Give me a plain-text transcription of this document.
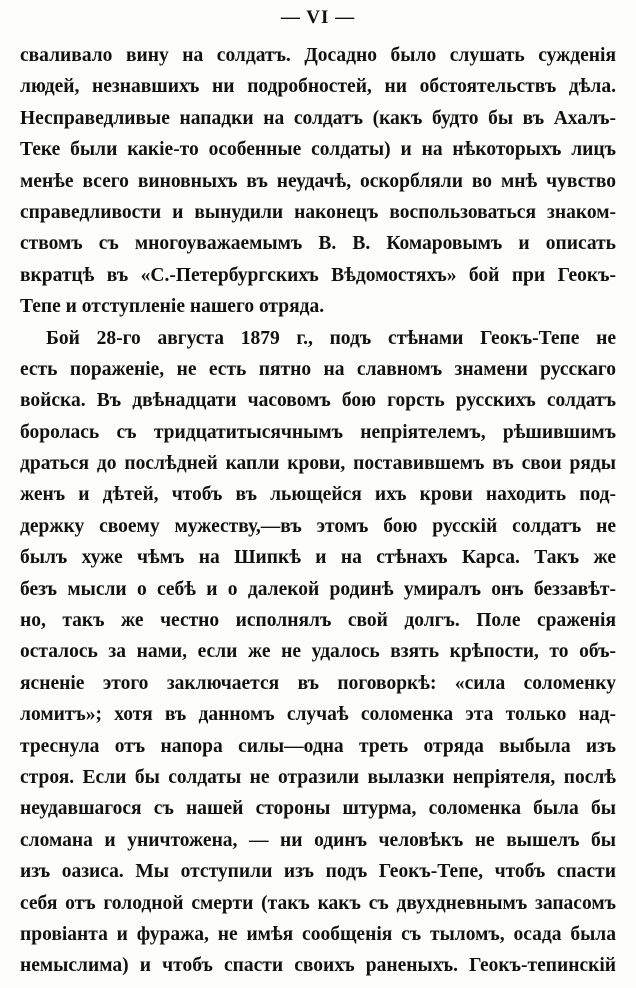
— VI —
сваливало вину на солдатъ. Досадно было слушать сужденія
людей, незнавшихъ ни подробностей, ни обстоятельствъ дѣла.
Несправедливые нападки на солдатъ (какъ будто бы въ Ахалъ-
Теке были какіе-то особенные солдаты) и на нѣкоторыхъ лицъ
менѣе всего виновныхъ въ неудачѣ, оскорбляли во мнѣ чувство
справедливости и вынудили наконецъ воспользоваться знаком-
ствомъ съ многоуважаемымъ В. В. Комаровымъ и описать
вкратцѣ въ «С.-Петербургскихъ Вѣдомостяхъ» бой при Геокъ-
Тепе и отступленіе нашего отряда.
Бой 28-го августа 1879 г., подъ стѣнами Геокъ-Тепе не
есть пораженіе, не есть пятно на славномъ знамени русскаго
войска. Въ двѣнадцати часовомъ бою горсть русскихъ солдатъ
боролась съ тридцатитысячнымъ непріятелемъ, рѣшившимъ
драться до послѣдней капли крови, поставившемъ въ свои ряды
женъ и дѣтей, чтобъ въ льющейся ихъ крови находить под-
держку своему мужеству,—въ этомъ бою русскій солдатъ не
былъ хуже чѣмъ на Шипкѣ и на стѣнахъ Карса. Такъ же
безъ мысли о себѣ и о далекой родинѣ умиралъ онъ беззавѣт-
но, такъ же честно исполнялъ свой долгъ. Поле сраженія
осталось за нами, если же не удалось взять крѣпости, то объ-
ясненіе этого заключается въ поговоркѣ: «сила соломенку
ломитъ»; хотя въ данномъ случаѣ соломенка эта только над-
треснула отъ напора силы—одна треть отряда выбыла изъ
строя. Если бы солдаты не отразили вылазки непріятеля, послѣ
неудавшагося съ нашей стороны штурма, соломенка была бы
сломана и уничтожена, — ни одинъ человѣкъ не вышелъ бы
изъ оазиса. Мы отступили изъ подъ Геокъ-Тепе, чтобъ спасти
себя отъ голодной смерти (такъ какъ съ двухдневнымъ запасомъ
провіанта и фуража, не имѣя сообщенія съ тыломъ, осада была
немыслима) и чтобъ спасти своихъ раненыхъ. Геокъ-тепинскій
